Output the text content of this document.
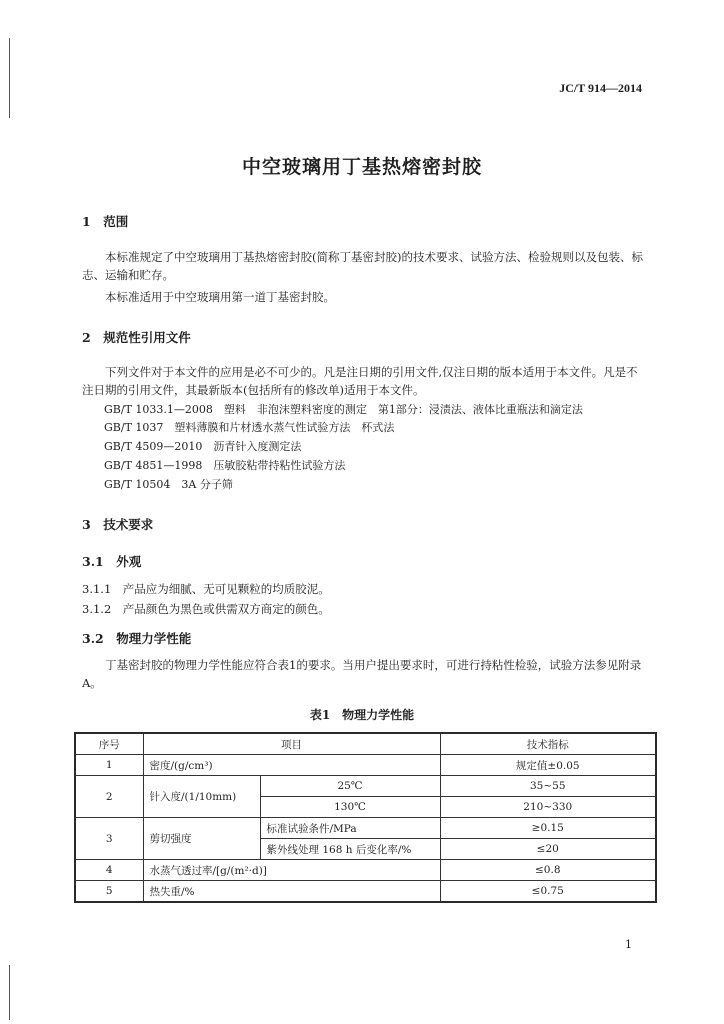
JC/T 914—2014
中空玻璃用丁基热熔密封胶
1　范围
本标准规定了中空玻璃用丁基热熔密封胶(简称丁基密封胶)的技术要求、试验方法、检验规则以及包装、标志、运输和贮存。
本标准适用于中空玻璃用第一道丁基密封胶。
2　规范性引用文件
下列文件对于本文件的应用是必不可少的。凡是注日期的引用文件,仅注日期的版本适用于本文件。凡是不注日期的引用文件，其最新版本(包括所有的修改单)适用于本文件。
GB/T 1033.1—2008　塑料　非泡沫塑料密度的测定　第1部分：浸渍法、液体比重瓶法和滴定法
GB/T 1037　塑料薄膜和片材透水蒸气性试验方法　杯式法
GB/T 4509—2010　沥青针入度测定法
GB/T 4851—1998　压敏胶粘带持粘性试验方法
GB/T 10504　3A 分子筛
3　技术要求
3.1　外观
3.1.1　产品应为细腻、无可见颗粒的均质胶泥。
3.1.2　产品颜色为黑色或供需双方商定的颜色。
3.2　物理力学性能
丁基密封胶的物理力学性能应符合表1的要求。当用户提出要求时，可进行持粘性检验，试验方法参见附录A。
表1　物理力学性能
序号	项目		技术指标
1	密度/(g/cm³)		规定值±0.05
2	针入度/(1/10mm)	25℃	35~55
		130℃	210~330
3	剪切强度	标准试验条件/MPa	≥0.15
		紫外线处理 168 h 后变化率/%	≤20
4	水蒸气透过率/[g/(m²·d)]		≤0.8
5	热失重/%		≤0.75
1
